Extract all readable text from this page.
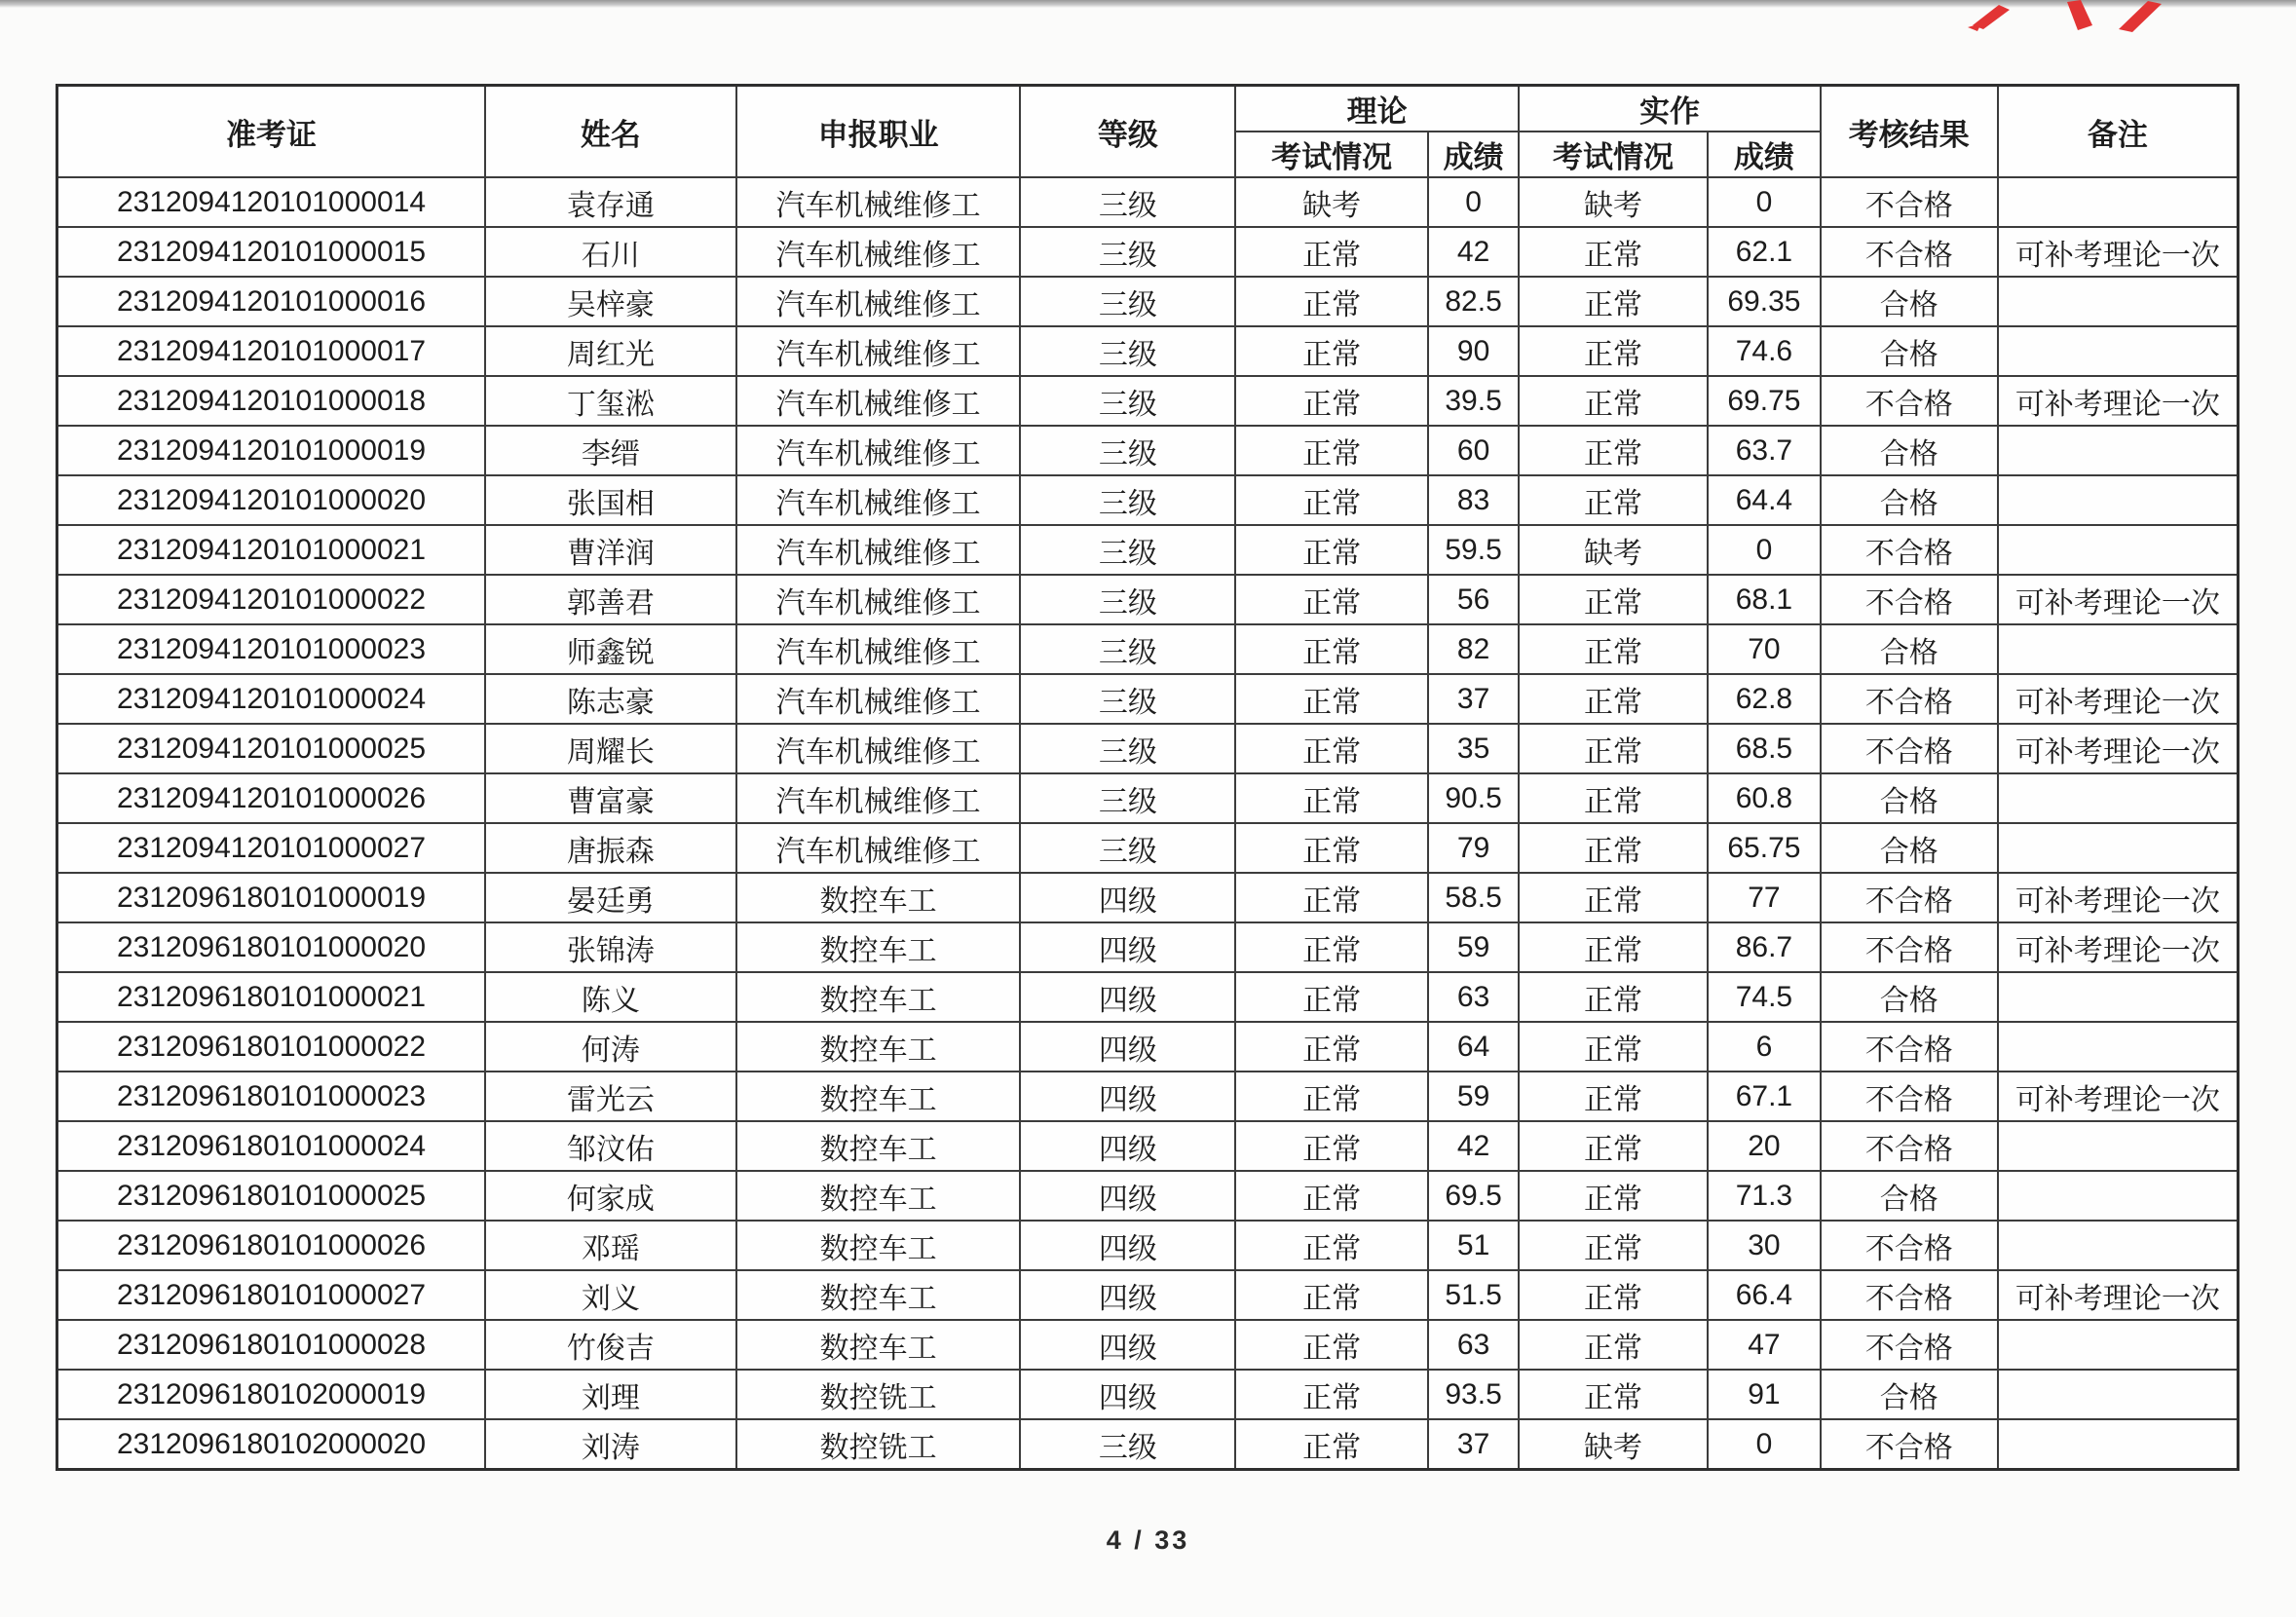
准考证	姓名	申报职业	等级	理论		实作		考核结果	备注
				考试情况	成绩	考试情况	成绩		
2312094120101000014	袁存通	汽车机械维修工	三级	缺考	0	缺考	0	不合格	
2312094120101000015	石川	汽车机械维修工	三级	正常	42	正常	62.1	不合格	可补考理论一次
2312094120101000016	吴梓豪	汽车机械维修工	三级	正常	82.5	正常	69.35	合格	
2312094120101000017	周红光	汽车机械维修工	三级	正常	90	正常	74.6	合格	
2312094120101000018	丁玺淞	汽车机械维修工	三级	正常	39.5	正常	69.75	不合格	可补考理论一次
2312094120101000019	李缙	汽车机械维修工	三级	正常	60	正常	63.7	合格	
2312094120101000020	张国相	汽车机械维修工	三级	正常	83	正常	64.4	合格	
2312094120101000021	曹洋润	汽车机械维修工	三级	正常	59.5	缺考	0	不合格	
2312094120101000022	郭善君	汽车机械维修工	三级	正常	56	正常	68.1	不合格	可补考理论一次
2312094120101000023	师鑫锐	汽车机械维修工	三级	正常	82	正常	70	合格	
2312094120101000024	陈志豪	汽车机械维修工	三级	正常	37	正常	62.8	不合格	可补考理论一次
2312094120101000025	周耀长	汽车机械维修工	三级	正常	35	正常	68.5	不合格	可补考理论一次
2312094120101000026	曹富豪	汽车机械维修工	三级	正常	90.5	正常	60.8	合格	
2312094120101000027	唐振森	汽车机械维修工	三级	正常	79	正常	65.75	合格	
2312096180101000019	晏廷勇	数控车工	四级	正常	58.5	正常	77	不合格	可补考理论一次
2312096180101000020	张锦涛	数控车工	四级	正常	59	正常	86.7	不合格	可补考理论一次
2312096180101000021	陈义	数控车工	四级	正常	63	正常	74.5	合格	
2312096180101000022	何涛	数控车工	四级	正常	64	正常	6	不合格	
2312096180101000023	雷光云	数控车工	四级	正常	59	正常	67.1	不合格	可补考理论一次
2312096180101000024	邹汶佑	数控车工	四级	正常	42	正常	20	不合格	
2312096180101000025	何家成	数控车工	四级	正常	69.5	正常	71.3	合格	
2312096180101000026	邓瑶	数控车工	四级	正常	51	正常	30	不合格	
2312096180101000027	刘义	数控车工	四级	正常	51.5	正常	66.4	不合格	可补考理论一次
2312096180101000028	竹俊吉	数控车工	四级	正常	63	正常	47	不合格	
2312096180102000019	刘理	数控铣工	四级	正常	93.5	正常	91	合格	
2312096180102000020	刘涛	数控铣工	三级	正常	37	缺考	0	不合格	
4 / 33
